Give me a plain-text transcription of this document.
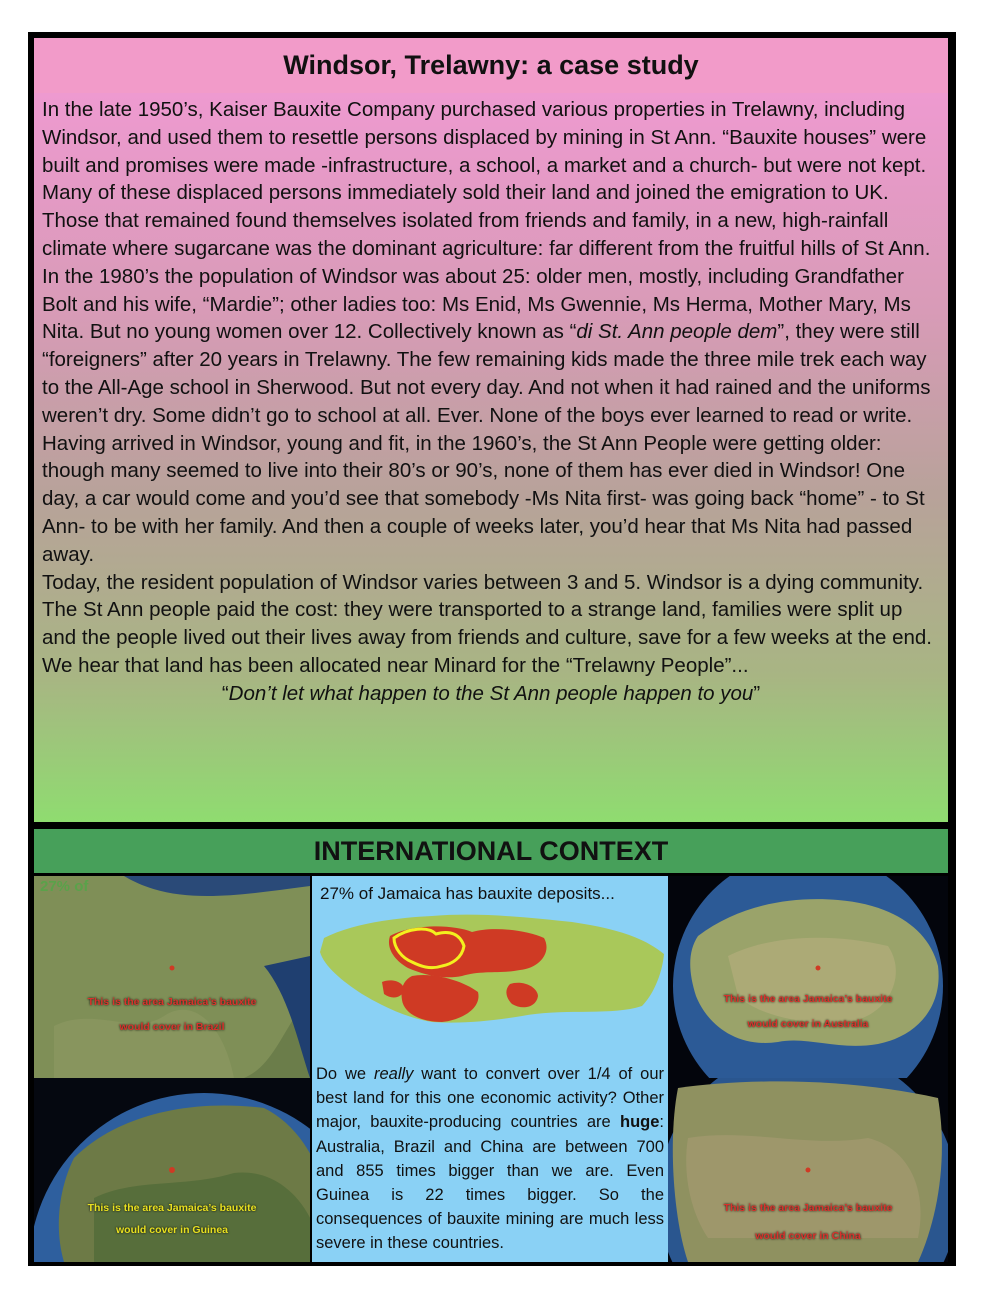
Windsor, Trelawny: a case study

In the late 1950’s, Kaiser Bauxite Company purchased various properties in Trelawny, including Windsor, and used them to resettle persons displaced by mining in St Ann. “Bauxite houses” were built and promises were made -infrastructure, a school, a market and a church- but were not kept. Many of these displaced persons immediately sold their land and joined the emigration to UK. Those that remained found themselves isolated from friends and family, in a new, high-rainfall climate where sugarcane was the dominant agriculture: far different from the fruitful hills of St Ann.

In the 1980’s the population of Windsor was about 25: older men, mostly, including Grandfather Bolt and his wife, “Mardie”; other ladies too: Ms Enid, Ms Gwennie, Ms Herma, Mother Mary, Ms Nita. But no young women over 12. Collectively known as “di St. Ann people dem”, they were still “foreigners” after 20 years in Trelawny. The few remaining kids made the three mile trek each way to the All-Age school in Sherwood. But not every day. And not when it had rained and the uniforms weren’t dry. Some didn’t go to school at all. Ever. None of the boys ever learned to read or write.

Having arrived in Windsor, young and fit, in the 1960’s, the St Ann People were getting older: though many seemed to live into their 80’s or 90’s, none of them has ever died in Windsor! One day, a car would come and you’d see that somebody -Ms Nita first- was going back “home” - to St Ann- to be with her family. And then a couple of weeks later, you’d hear that Ms Nita had passed away.

Today, the resident population of Windsor varies between 3 and 5. Windsor is a dying community.

The St Ann people paid the cost: they were transported to a strange land, families were split up and the people lived out their lives away from friends and culture, save for a few weeks at the end.

We hear that land has been allocated near Minard for the “Trelawny People”...

“Don’t let what happen to the St Ann people happen to you”

INTERNATIONAL CONTEXT
27% of
This is the area Jamaica’s bauxite
would cover in Brazil
This is the area Jamaica’s bauxite
would cover in Guinea
27% of Jamaica has bauxite deposits...

Do we really want to convert over 1/4 of our best land for this one economic activity? Other major, bauxite-producing countries are huge: Australia, Brazil and China are between 700 and 855 times bigger than we are. Even Guinea is 22 times bigger. So the consequences of bauxite mining are much less severe in these countries.

This is the area Jamaica’s bauxite
would cover in Australia
This is the area Jamaica’s bauxite
would cover in China
